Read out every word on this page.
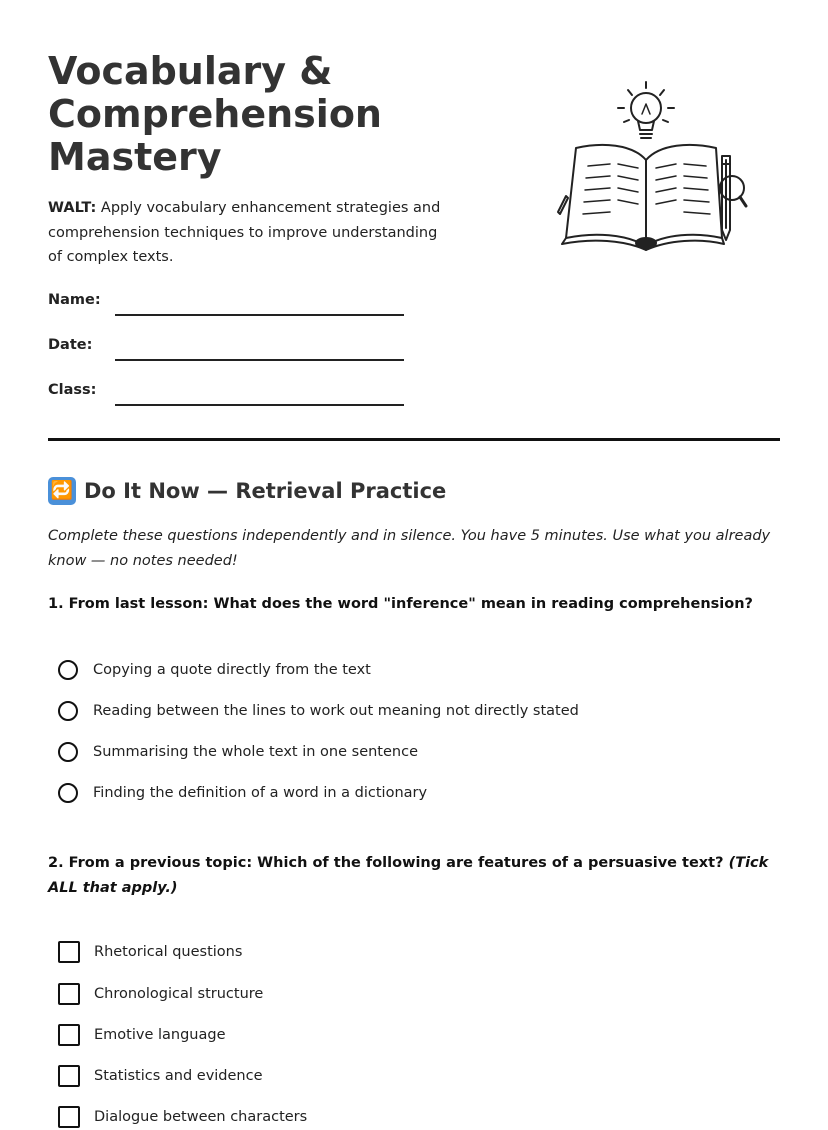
Vocabulary & Comprehension Mastery
WALT: Apply vocabulary enhancement strategies and comprehension techniques to improve understanding of complex texts.
Name:
Date:
Class:
🔁 Do It Now — Retrieval Practice
Complete these questions independently and in silence. You have 5 minutes. Use what you already know — no notes needed!
1. From last lesson: What does the word "inference" mean in reading comprehension?
Copying a quote directly from the text
Reading between the lines to work out meaning not directly stated
Summarising the whole text in one sentence
Finding the definition of a word in a dictionary
2. From a previous topic: Which of the following are features of a persuasive text? (Tick ALL that apply.)
Rhetorical questions
Chronological structure
Emotive language
Statistics and evidence
Dialogue between characters
